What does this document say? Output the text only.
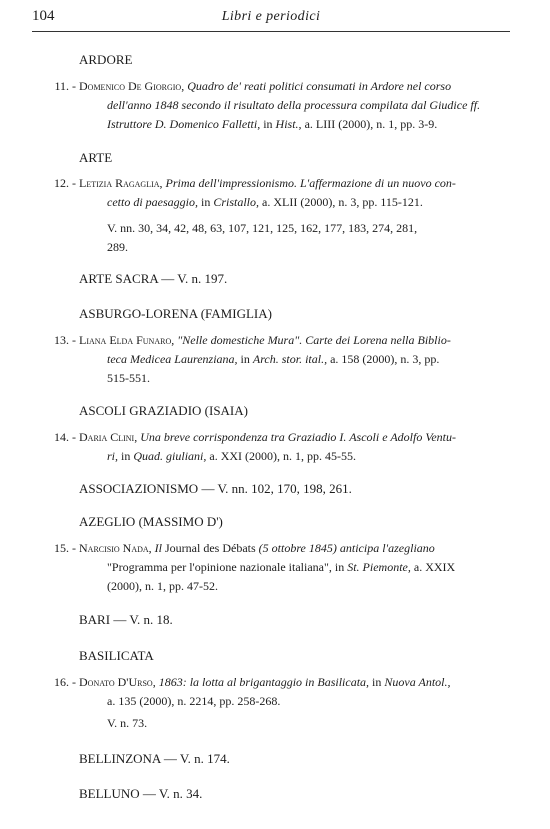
104	Libri e periodici
ARDORE
11. - Domenico De Giorgio, Quadro de' reati politici consumati in Ardore nel corso
dell'anno 1848 secondo il risultato della processura compilata dal Giudice ff.
Istruttore D. Domenico Falletti, in Hist., a. LIII (2000), n. 1, pp. 3-9.
ARTE
12. - Letizia Ragaglia, Prima dell'impressionismo. L'affermazione di un nuovo con-
cetto di paesaggio, in Cristallo, a. XLII (2000), n. 3, pp. 115-121.
V. nn. 30, 34, 42, 48, 63, 107, 121, 125, 162, 177, 183, 274, 281,
289.
ARTE SACRA — V. n. 197.
ASBURGO-LORENA (FAMIGLIA)
13. - Liana Elda Funaro, "Nelle domestiche Mura". Carte dei Lorena nella Biblio-
teca Medicea Laurenziana, in Arch. stor. ital., a. 158 (2000), n. 3, pp.
515-551.
ASCOLI GRAZIADIO (ISAIA)
14. - Daria Clini, Una breve corrispondenza tra Graziadio I. Ascoli e Adolfo Ventu-
ri, in Quad. giuliani, a. XXI (2000), n. 1, pp. 45-55.
ASSOCIAZIONISMO — V. nn. 102, 170, 198, 261.
AZEGLIO (MASSIMO D')
15. - Narcisio Nada, Il Journal des Débats (5 ottobre 1845) anticipa l'azegliano
"Programma per l'opinione nazionale italiana", in St. Piemonte, a. XXIX
(2000), n. 1, pp. 47-52.
BARI — V. n. 18.
BASILICATA
16. - Donato D'Urso, 1863: la lotta al brigantaggio in Basilicata, in Nuova Antol.,
a. 135 (2000), n. 2214, pp. 258-268.
V. n. 73.
BELLINZONA — V. n. 174.
BELLUNO — V. n. 34.
